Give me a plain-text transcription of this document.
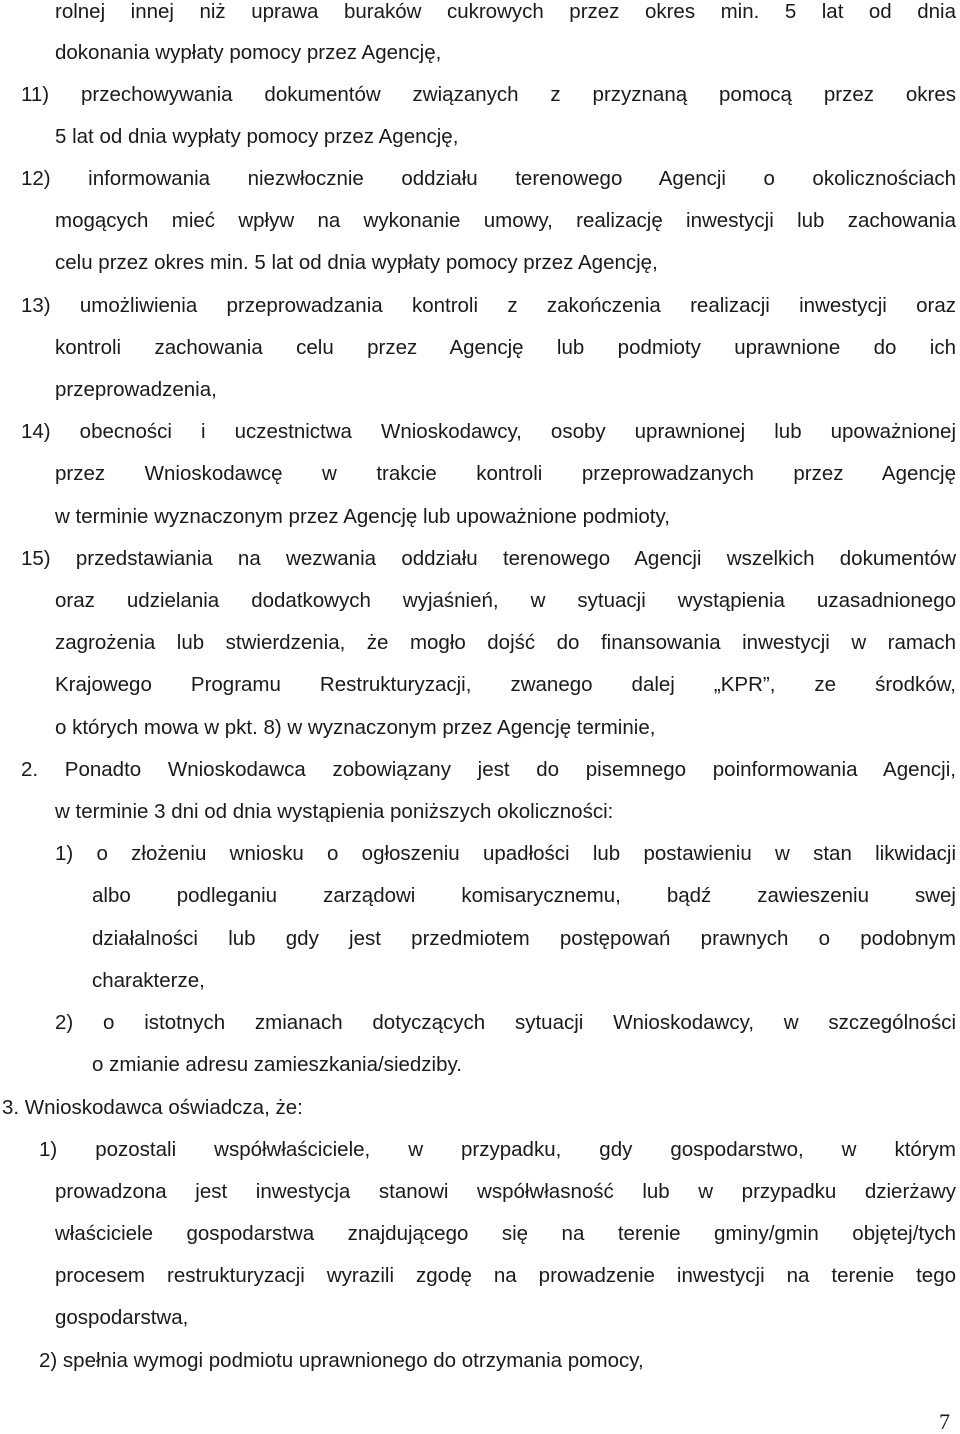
rolnej innej niż uprawa buraków cukrowych przez okres min. 5 lat od dnia
dokonania wypłaty pomocy przez Agencję,
11) przechowywania dokumentów związanych z przyznaną pomocą przez okres
5 lat od dnia wypłaty pomocy przez Agencję,
12) informowania niezwłocznie oddziału terenowego Agencji o okolicznościach
mogących mieć wpływ na wykonanie umowy, realizację inwestycji lub zachowania
celu przez okres min. 5 lat od dnia wypłaty pomocy przez Agencję,
13) umożliwienia przeprowadzania kontroli z zakończenia realizacji inwestycji oraz
kontroli zachowania celu przez Agencję lub podmioty uprawnione do ich
przeprowadzenia,
14) obecności i uczestnictwa Wnioskodawcy, osoby uprawnionej lub upoważnionej
przez Wnioskodawcę w trakcie kontroli przeprowadzanych przez Agencję
w terminie wyznaczonym przez Agencję lub upoważnione podmioty,
15) przedstawiania na wezwania oddziału terenowego Agencji wszelkich dokumentów
oraz udzielania dodatkowych wyjaśnień, w sytuacji wystąpienia uzasadnionego
zagrożenia lub stwierdzenia, że mogło dojść do finansowania inwestycji w ramach
Krajowego Programu Restrukturyzacji, zwanego dalej „KPR”, ze środków,
o których mowa w pkt. 8) w wyznaczonym przez Agencję terminie,
2. Ponadto Wnioskodawca zobowiązany jest do pisemnego poinformowania Agencji,
w terminie 3 dni od dnia wystąpienia poniższych okoliczności:
1) o złożeniu wniosku o ogłoszeniu upadłości lub postawieniu w stan likwidacji
albo podleganiu zarządowi komisarycznemu, bądź zawieszeniu swej
działalności lub gdy jest przedmiotem postępowań prawnych o podobnym
charakterze,
2) o istotnych zmianach dotyczących sytuacji Wnioskodawcy, w szczególności
o zmianie adresu zamieszkania/siedziby.
3. Wnioskodawca oświadcza, że:
1) pozostali współwłaściciele, w przypadku, gdy gospodarstwo, w którym
prowadzona jest inwestycja stanowi współwłasność lub w przypadku dzierżawy
właściciele gospodarstwa znajdującego się na terenie gminy/gmin objętej/tych
procesem restrukturyzacji wyrazili zgodę na prowadzenie inwestycji na terenie tego
gospodarstwa,
2) spełnia wymogi podmiotu uprawnionego do otrzymania pomocy,
7
